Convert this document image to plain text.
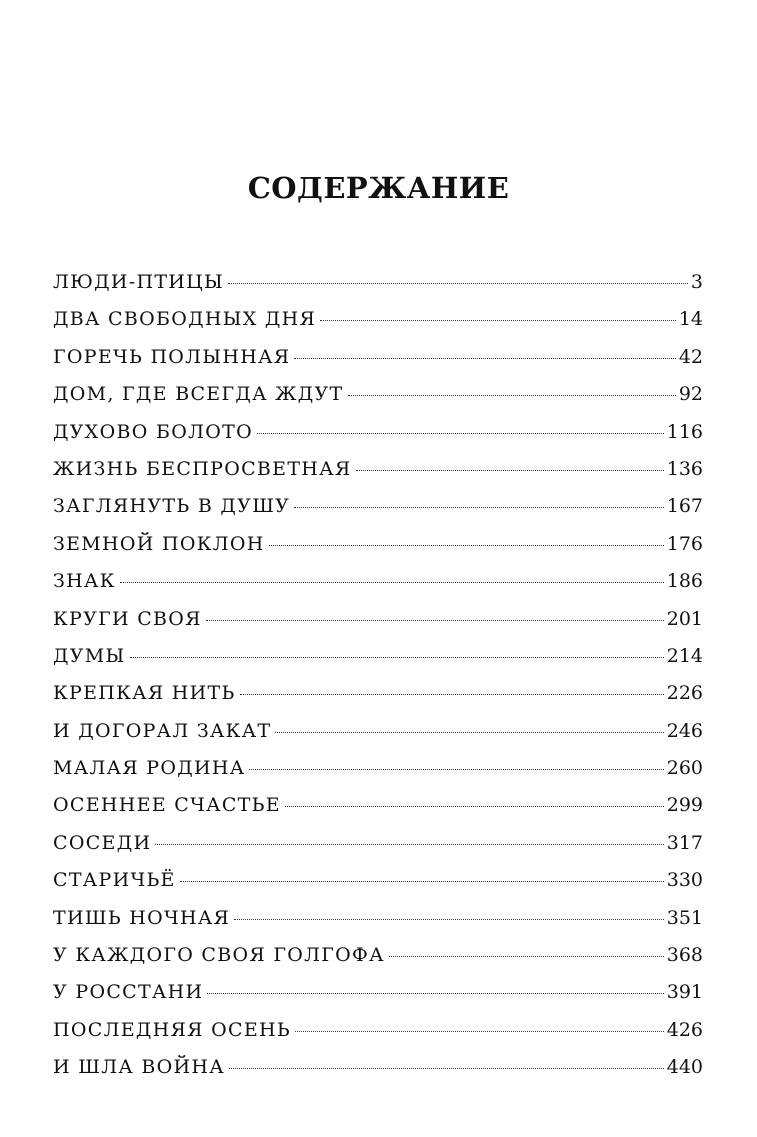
СОДЕРЖАНИЕ
ЛЮДИ-ПТИЦЫ	3
ДВА СВОБОДНЫХ ДНЯ	14
ГОРЕЧЬ ПОЛЫННАЯ	42
ДОМ, ГДЕ ВСЕГДА ЖДУТ	92
ДУХОВО БОЛОТО	116
ЖИЗНЬ БЕСПРОСВЕТНАЯ	136
ЗАГЛЯНУТЬ В ДУШУ	167
ЗЕМНОЙ ПОКЛОН	176
ЗНАК	186
КРУГИ СВОЯ	201
ДУМЫ	214
КРЕПКАЯ НИТЬ	226
И ДОГОРАЛ ЗАКАТ	246
МАЛАЯ РОДИНА	260
ОСЕННЕЕ СЧАСТЬЕ	299
СОСЕДИ	317
СТАРИЧЬЁ	330
ТИШЬ НОЧНАЯ	351
У КАЖДОГО СВОЯ ГОЛГОФА	368
У РОССТАНИ	391
ПОСЛЕДНЯЯ ОСЕНЬ	426
И ШЛА ВОЙНА	440
